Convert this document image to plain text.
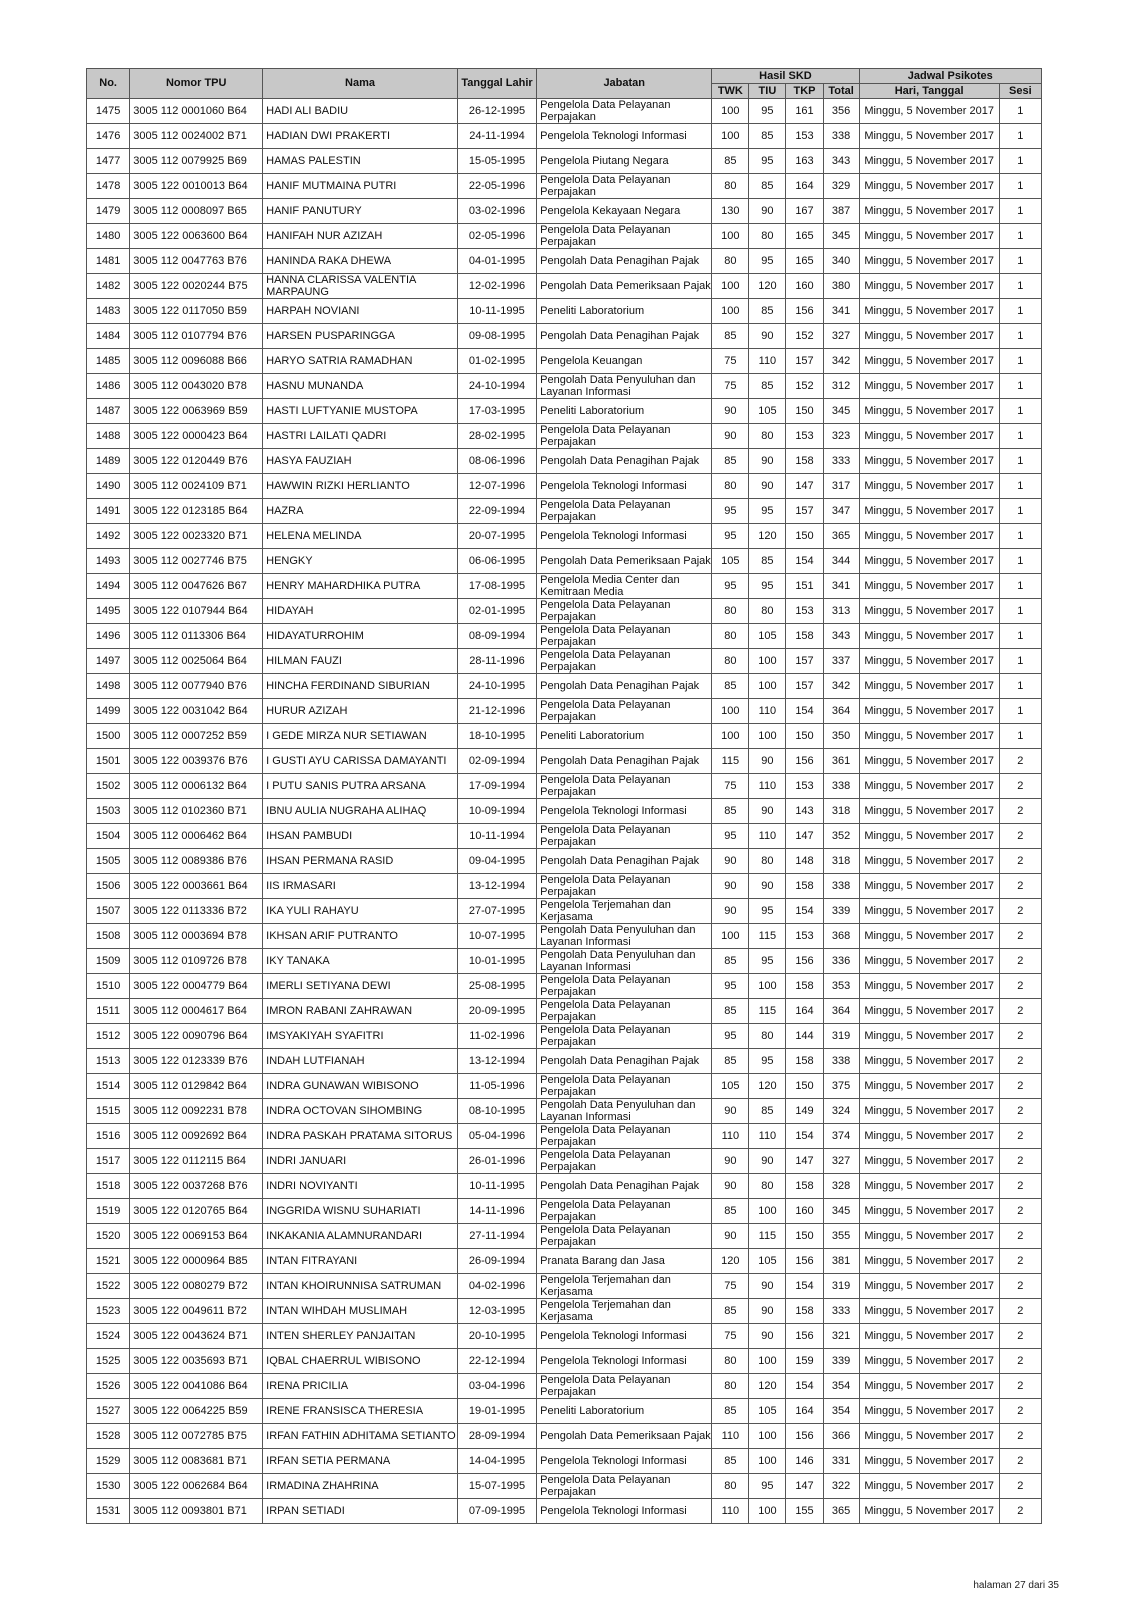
No.	Nomor TPU	Nama	Tanggal Lahir	Jabatan	Hasil SKD				Jadwal Psikotes	
					TWK	TIU	TKP	Total	Hari, Tanggal	Sesi
1475	3005 112 0001060 B64	HADI ALI BADIU	26-12-1995	Pengelola Data Pelayanan Perpajakan	100	95	161	356	Minggu, 5 November 2017	1
1476	3005 112 0024002 B71	HADIAN DWI PRAKERTI	24-11-1994	Pengelola Teknologi Informasi	100	85	153	338	Minggu, 5 November 2017	1
1477	3005 112 0079925 B69	HAMAS PALESTIN	15-05-1995	Pengelola Piutang Negara	85	95	163	343	Minggu, 5 November 2017	1
1478	3005 122 0010013 B64	HANIF MUTMAINA PUTRI	22-05-1996	Pengelola Data Pelayanan Perpajakan	80	85	164	329	Minggu, 5 November 2017	1
1479	3005 112 0008097 B65	HANIF PANUTURY	03-02-1996	Pengelola Kekayaan Negara	130	90	167	387	Minggu, 5 November 2017	1
1480	3005 122 0063600 B64	HANIFAH NUR AZIZAH	02-05-1996	Pengelola Data Pelayanan Perpajakan	100	80	165	345	Minggu, 5 November 2017	1
1481	3005 112 0047763 B76	HANINDA RAKA DHEWA	04-01-1995	Pengolah Data Penagihan Pajak	80	95	165	340	Minggu, 5 November 2017	1
1482	3005 122 0020244 B75	HANNA CLARISSA VALENTIA MARPAUNG	12-02-1996	Pengolah Data Pemeriksaan Pajak	100	120	160	380	Minggu, 5 November 2017	1
1483	3005 122 0117050 B59	HARPAH NOVIANI	10-11-1995	Peneliti Laboratorium	100	85	156	341	Minggu, 5 November 2017	1
1484	3005 112 0107794 B76	HARSEN PUSPARINGGA	09-08-1995	Pengolah Data Penagihan Pajak	85	90	152	327	Minggu, 5 November 2017	1
1485	3005 112 0096088 B66	HARYO SATRIA RAMADHAN	01-02-1995	Pengelola Keuangan	75	110	157	342	Minggu, 5 November 2017	1
1486	3005 112 0043020 B78	HASNU MUNANDA	24-10-1994	Pengolah Data Penyuluhan dan Layanan Informasi	75	85	152	312	Minggu, 5 November 2017	1
1487	3005 122 0063969 B59	HASTI LUFTYANIE MUSTOPA	17-03-1995	Peneliti Laboratorium	90	105	150	345	Minggu, 5 November 2017	1
1488	3005 122 0000423 B64	HASTRI LAILATI QADRI	28-02-1995	Pengelola Data Pelayanan Perpajakan	90	80	153	323	Minggu, 5 November 2017	1
1489	3005 122 0120449 B76	HASYA FAUZIAH	08-06-1996	Pengolah Data Penagihan Pajak	85	90	158	333	Minggu, 5 November 2017	1
1490	3005 112 0024109 B71	HAWWIN RIZKI HERLIANTO	12-07-1996	Pengelola Teknologi Informasi	80	90	147	317	Minggu, 5 November 2017	1
1491	3005 122 0123185 B64	HAZRA	22-09-1994	Pengelola Data Pelayanan Perpajakan	95	95	157	347	Minggu, 5 November 2017	1
1492	3005 122 0023320 B71	HELENA MELINDA	20-07-1995	Pengelola Teknologi Informasi	95	120	150	365	Minggu, 5 November 2017	1
1493	3005 112 0027746 B75	HENGKY	06-06-1995	Pengolah Data Pemeriksaan Pajak	105	85	154	344	Minggu, 5 November 2017	1
1494	3005 112 0047626 B67	HENRY MAHARDHIKA PUTRA	17-08-1995	Pengelola Media Center dan Kemitraan Media	95	95	151	341	Minggu, 5 November 2017	1
1495	3005 122 0107944 B64	HIDAYAH	02-01-1995	Pengelola Data Pelayanan Perpajakan	80	80	153	313	Minggu, 5 November 2017	1
1496	3005 112 0113306 B64	HIDAYATURROHIM	08-09-1994	Pengelola Data Pelayanan Perpajakan	80	105	158	343	Minggu, 5 November 2017	1
1497	3005 112 0025064 B64	HILMAN FAUZI	28-11-1996	Pengelola Data Pelayanan Perpajakan	80	100	157	337	Minggu, 5 November 2017	1
1498	3005 112 0077940 B76	HINCHA FERDINAND SIBURIAN	24-10-1995	Pengolah Data Penagihan Pajak	85	100	157	342	Minggu, 5 November 2017	1
1499	3005 122 0031042 B64	HURUR AZIZAH	21-12-1996	Pengelola Data Pelayanan Perpajakan	100	110	154	364	Minggu, 5 November 2017	1
1500	3005 112 0007252 B59	I GEDE MIRZA NUR SETIAWAN	18-10-1995	Peneliti Laboratorium	100	100	150	350	Minggu, 5 November 2017	1
1501	3005 122 0039376 B76	I GUSTI AYU CARISSA DAMAYANTI	02-09-1994	Pengolah Data Penagihan Pajak	115	90	156	361	Minggu, 5 November 2017	2
1502	3005 112 0006132 B64	I PUTU SANIS PUTRA ARSANA	17-09-1994	Pengelola Data Pelayanan Perpajakan	75	110	153	338	Minggu, 5 November 2017	2
1503	3005 112 0102360 B71	IBNU AULIA NUGRAHA ALIHAQ	10-09-1994	Pengelola Teknologi Informasi	85	90	143	318	Minggu, 5 November 2017	2
1504	3005 112 0006462 B64	IHSAN PAMBUDI	10-11-1994	Pengelola Data Pelayanan Perpajakan	95	110	147	352	Minggu, 5 November 2017	2
1505	3005 112 0089386 B76	IHSAN PERMANA RASID	09-04-1995	Pengolah Data Penagihan Pajak	90	80	148	318	Minggu, 5 November 2017	2
1506	3005 122 0003661 B64	IIS IRMASARI	13-12-1994	Pengelola Data Pelayanan Perpajakan	90	90	158	338	Minggu, 5 November 2017	2
1507	3005 122 0113336 B72	IKA YULI RAHAYU	27-07-1995	Pengelola Terjemahan dan Kerjasama	90	95	154	339	Minggu, 5 November 2017	2
1508	3005 112 0003694 B78	IKHSAN ARIF PUTRANTO	10-07-1995	Pengolah Data Penyuluhan dan Layanan Informasi	100	115	153	368	Minggu, 5 November 2017	2
1509	3005 112 0109726 B78	IKY TANAKA	10-01-1995	Pengolah Data Penyuluhan dan Layanan Informasi	85	95	156	336	Minggu, 5 November 2017	2
1510	3005 122 0004779 B64	IMERLI SETIYANA DEWI	25-08-1995	Pengelola Data Pelayanan Perpajakan	95	100	158	353	Minggu, 5 November 2017	2
1511	3005 112 0004617 B64	IMRON RABANI ZAHRAWAN	20-09-1995	Pengelola Data Pelayanan Perpajakan	85	115	164	364	Minggu, 5 November 2017	2
1512	3005 122 0090796 B64	IMSYAKIYAH SYAFITRI	11-02-1996	Pengelola Data Pelayanan Perpajakan	95	80	144	319	Minggu, 5 November 2017	2
1513	3005 122 0123339 B76	INDAH LUTFIANAH	13-12-1994	Pengolah Data Penagihan Pajak	85	95	158	338	Minggu, 5 November 2017	2
1514	3005 112 0129842 B64	INDRA GUNAWAN WIBISONO	11-05-1996	Pengelola Data Pelayanan Perpajakan	105	120	150	375	Minggu, 5 November 2017	2
1515	3005 112 0092231 B78	INDRA OCTOVAN SIHOMBING	08-10-1995	Pengolah Data Penyuluhan dan Layanan Informasi	90	85	149	324	Minggu, 5 November 2017	2
1516	3005 112 0092692 B64	INDRA PASKAH PRATAMA SITORUS	05-04-1996	Pengelola Data Pelayanan Perpajakan	110	110	154	374	Minggu, 5 November 2017	2
1517	3005 122 0112115 B64	INDRI JANUARI	26-01-1996	Pengelola Data Pelayanan Perpajakan	90	90	147	327	Minggu, 5 November 2017	2
1518	3005 122 0037268 B76	INDRI NOVIYANTI	10-11-1995	Pengolah Data Penagihan Pajak	90	80	158	328	Minggu, 5 November 2017	2
1519	3005 122 0120765 B64	INGGRIDA WISNU SUHARIATI	14-11-1996	Pengelola Data Pelayanan Perpajakan	85	100	160	345	Minggu, 5 November 2017	2
1520	3005 122 0069153 B64	INKAKANIA ALAMNURANDARI	27-11-1994	Pengelola Data Pelayanan Perpajakan	90	115	150	355	Minggu, 5 November 2017	2
1521	3005 122 0000964 B85	INTAN FITRAYANI	26-09-1994	Pranata Barang dan Jasa	120	105	156	381	Minggu, 5 November 2017	2
1522	3005 122 0080279 B72	INTAN KHOIRUNNISA SATRUMAN	04-02-1996	Pengelola Terjemahan dan Kerjasama	75	90	154	319	Minggu, 5 November 2017	2
1523	3005 122 0049611 B72	INTAN WIHDAH MUSLIMAH	12-03-1995	Pengelola Terjemahan dan Kerjasama	85	90	158	333	Minggu, 5 November 2017	2
1524	3005 122 0043624 B71	INTEN SHERLEY PANJAITAN	20-10-1995	Pengelola Teknologi Informasi	75	90	156	321	Minggu, 5 November 2017	2
1525	3005 122 0035693 B71	IQBAL CHAERRUL WIBISONO	22-12-1994	Pengelola Teknologi Informasi	80	100	159	339	Minggu, 5 November 2017	2
1526	3005 122 0041086 B64	IRENA PRICILIA	03-04-1996	Pengelola Data Pelayanan Perpajakan	80	120	154	354	Minggu, 5 November 2017	2
1527	3005 122 0064225 B59	IRENE FRANSISCA THERESIA	19-01-1995	Peneliti Laboratorium	85	105	164	354	Minggu, 5 November 2017	2
1528	3005 112 0072785 B75	IRFAN FATHIN ADHITAMA SETIANTO	28-09-1994	Pengolah Data Pemeriksaan Pajak	110	100	156	366	Minggu, 5 November 2017	2
1529	3005 112 0083681 B71	IRFAN SETIA PERMANA	14-04-1995	Pengelola Teknologi Informasi	85	100	146	331	Minggu, 5 November 2017	2
1530	3005 122 0062684 B64	IRMADINA ZHAHRINA	15-07-1995	Pengelola Data Pelayanan Perpajakan	80	95	147	322	Minggu, 5 November 2017	2
1531	3005 112 0093801 B71	IRPAN SETIADI	07-09-1995	Pengelola Teknologi Informasi	110	100	155	365	Minggu, 5 November 2017	2
halaman 27 dari 35
